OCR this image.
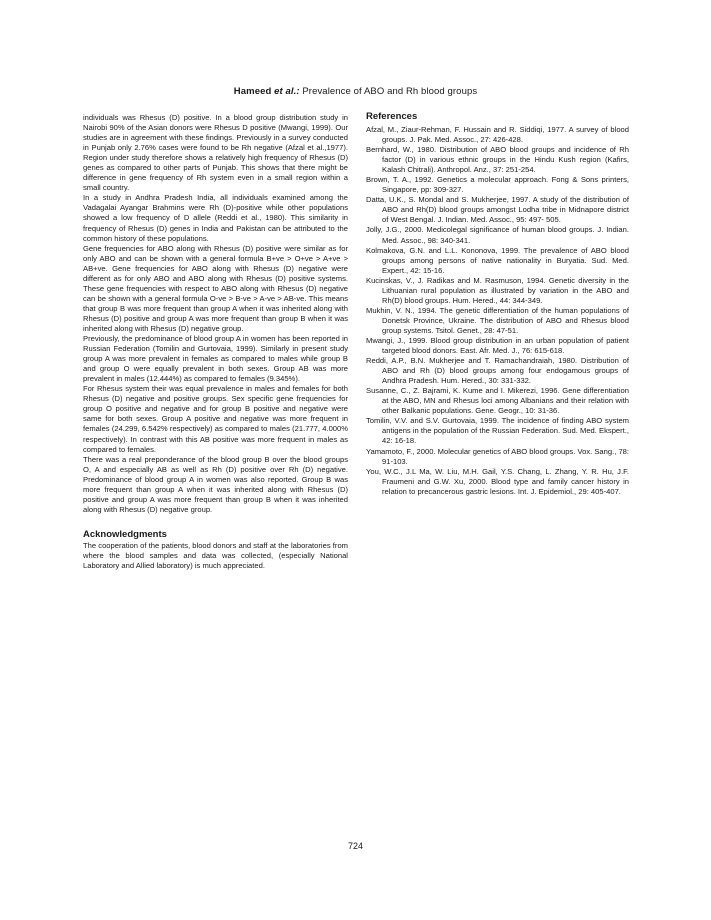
Hameed et al.: Prevalence of ABO and Rh blood groups

individuals was Rhesus (D) positive. In a blood group distribution study in Nairobi 90% of the Asian donors were Rhesus D positive (Mwangi, 1999). Our studies are in agreement with these findings. Previously in a survey conducted in Punjab only 2.76% cases were found to be Rh negative (Afzal et al.,1977). Region under study therefore shows a relatively high frequency of Rhesus (D) genes as compared to other parts of Punjab. This shows that there might be difference in gene frequency of Rh system even in a small region within a small country.

In a study in Andhra Pradesh India, all individuals examined among the Vadagalai Ayangar Brahmins were Rh (D)-positive while other populations showed a low frequency of D allele (Reddi et al., 1980). This similarity in frequency of Rhesus (D) genes in India and Pakistan can be attributed to the common history of these populations.

Gene frequencies for ABO along with Rhesus (D) positive were similar as for only ABO and can be shown with a general formula B+ve > O+ve > A+ve > AB+ve. Gene frequencies for ABO along with Rhesus (D) negative were different as for only ABO and ABO along with Rhesus (D) positive systems. These gene frequencies with respect to ABO along with Rhesus (D) negative can be shown with a general formula O-ve > B-ve > A-ve > AB-ve. This means that group B was more frequent than group A when it was inherited along with Rhesus (D) positive and group A was more frequent than group B when it was inherited along with Rhesus (D) negative group.

Previously, the predominance of blood group A in women has been reported in Russian Federation (Tomilin and Gurtovaia, 1999). Similarly in present study group A was more prevalent in females as compared to males while group B and group O were equally prevalent in both sexes. Group AB was more prevalent in males (12.444%) as compared to females (9.345%).

For Rhesus system their was equal prevalence in males and females for both Rhesus (D) negative and positive groups. Sex specific gene frequencies for group O positive and negative and for group B positive and negative were same for both sexes. Group A positive and negative was more frequent in females (24.299, 6.542% respectively) as compared to males (21.777, 4.000% respectively). In contrast with this AB positive was more frequent in males as compared to females.

There was a real preponderance of the blood group B over the blood groups O, A and especially AB as well as Rh (D) positive over Rh (D) negative. Predominance of blood group A in women was also reported. Group B was more frequent than group A when it was inherited along with Rhesus (D) positive and group A was more frequent than group B when it was inherited along with Rhesus (D) negative group.

Acknowledgments

The cooperation of the patients, blood donors and staff at the laboratories from where the blood samples and data was collected, (especially National Laboratory and Allied laboratory) is much appreciated.

References

Afzal, M., Ziaur-Rehman, F. Hussain and R. Siddiqi, 1977. A survey of blood groups. J. Pak. Med. Assoc., 27: 426-428.

Bernhard, W., 1980. Distribution of ABO blood groups and incidence of Rh factor (D) in various ethnic groups in the Hindu Kush region (Kafirs, Kalash Chitrali). Anthropol. Anz., 37: 251-254.

Brown, T. A., 1992. Genetics a molecular approach. Fong & Sons printers, Singapore, pp: 309-327.

Datta, U.K., S. Mondal and S. Mukherjee, 1997. A study of the distribution of ABO and Rh(D) blood groups amongst Lodha tribe in Midnapore district of West Bengal. J. Indian. Med. Assoc., 95: 497- 505.

Jolly, J.G., 2000. Medicolegal significance of human blood groups. J. Indian. Med. Assoc., 98: 340-341.

Kolmakova, G.N. and L.L. Kononova, 1999. The prevalence of ABO blood groups among persons of native nationality in Buryatia. Sud. Med. Expert., 42: 15-16.

Kucinskas, V., J. Radikas and M. Rasmuson, 1994. Genetic diversity in the Lithuanian rural population as illustrated by variation in the ABO and Rh(D) blood groups. Hum. Hered., 44: 344-349.

Mukhin, V. N., 1994. The genetic differentiation of the human populations of Donetsk Province, Ukraine. The distribution of ABO and Rhesus blood group systems. Tsitol. Genet., 28: 47-51.

Mwangi, J., 1999. Blood group distribution in an urban population of patient targeted blood donors. East. Afr. Med. J., 76: 615-618.

Reddi, A.P., B.N. Mukherjee and T. Ramachandraiah, 1980. Distribution of ABO and Rh (D) blood groups among four endogamous groups of Andhra Pradesh. Hum. Hered., 30: 331-332.

Susanne, C., Z. Bajrami, K. Kume and I. Mikerezi, 1996. Gene differentiation at the ABO, MN and Rhesus loci among Albanians and their relation with other Balkanic populations. Gene. Geogr., 10: 31-36.

Tomilin, V.V. and S.V. Gurtovaia, 1999. The incidence of finding ABO system antigens in the population of the Russian Federation. Sud. Med. Ekspert., 42: 16-18.

Yamamoto, F., 2000. Molecular genetics of ABO blood groups. Vox. Sang., 78: 91-103.

You, W.C., J.L Ma, W. Liu, M.H. Gail, Y.S. Chang, L. Zhang, Y. R. Hu, J.F. Fraumeni and G.W. Xu, 2000. Blood type and family cancer history in relation to precancerous gastric lesions. Int. J. Epidemiol., 29: 405-407.

724
